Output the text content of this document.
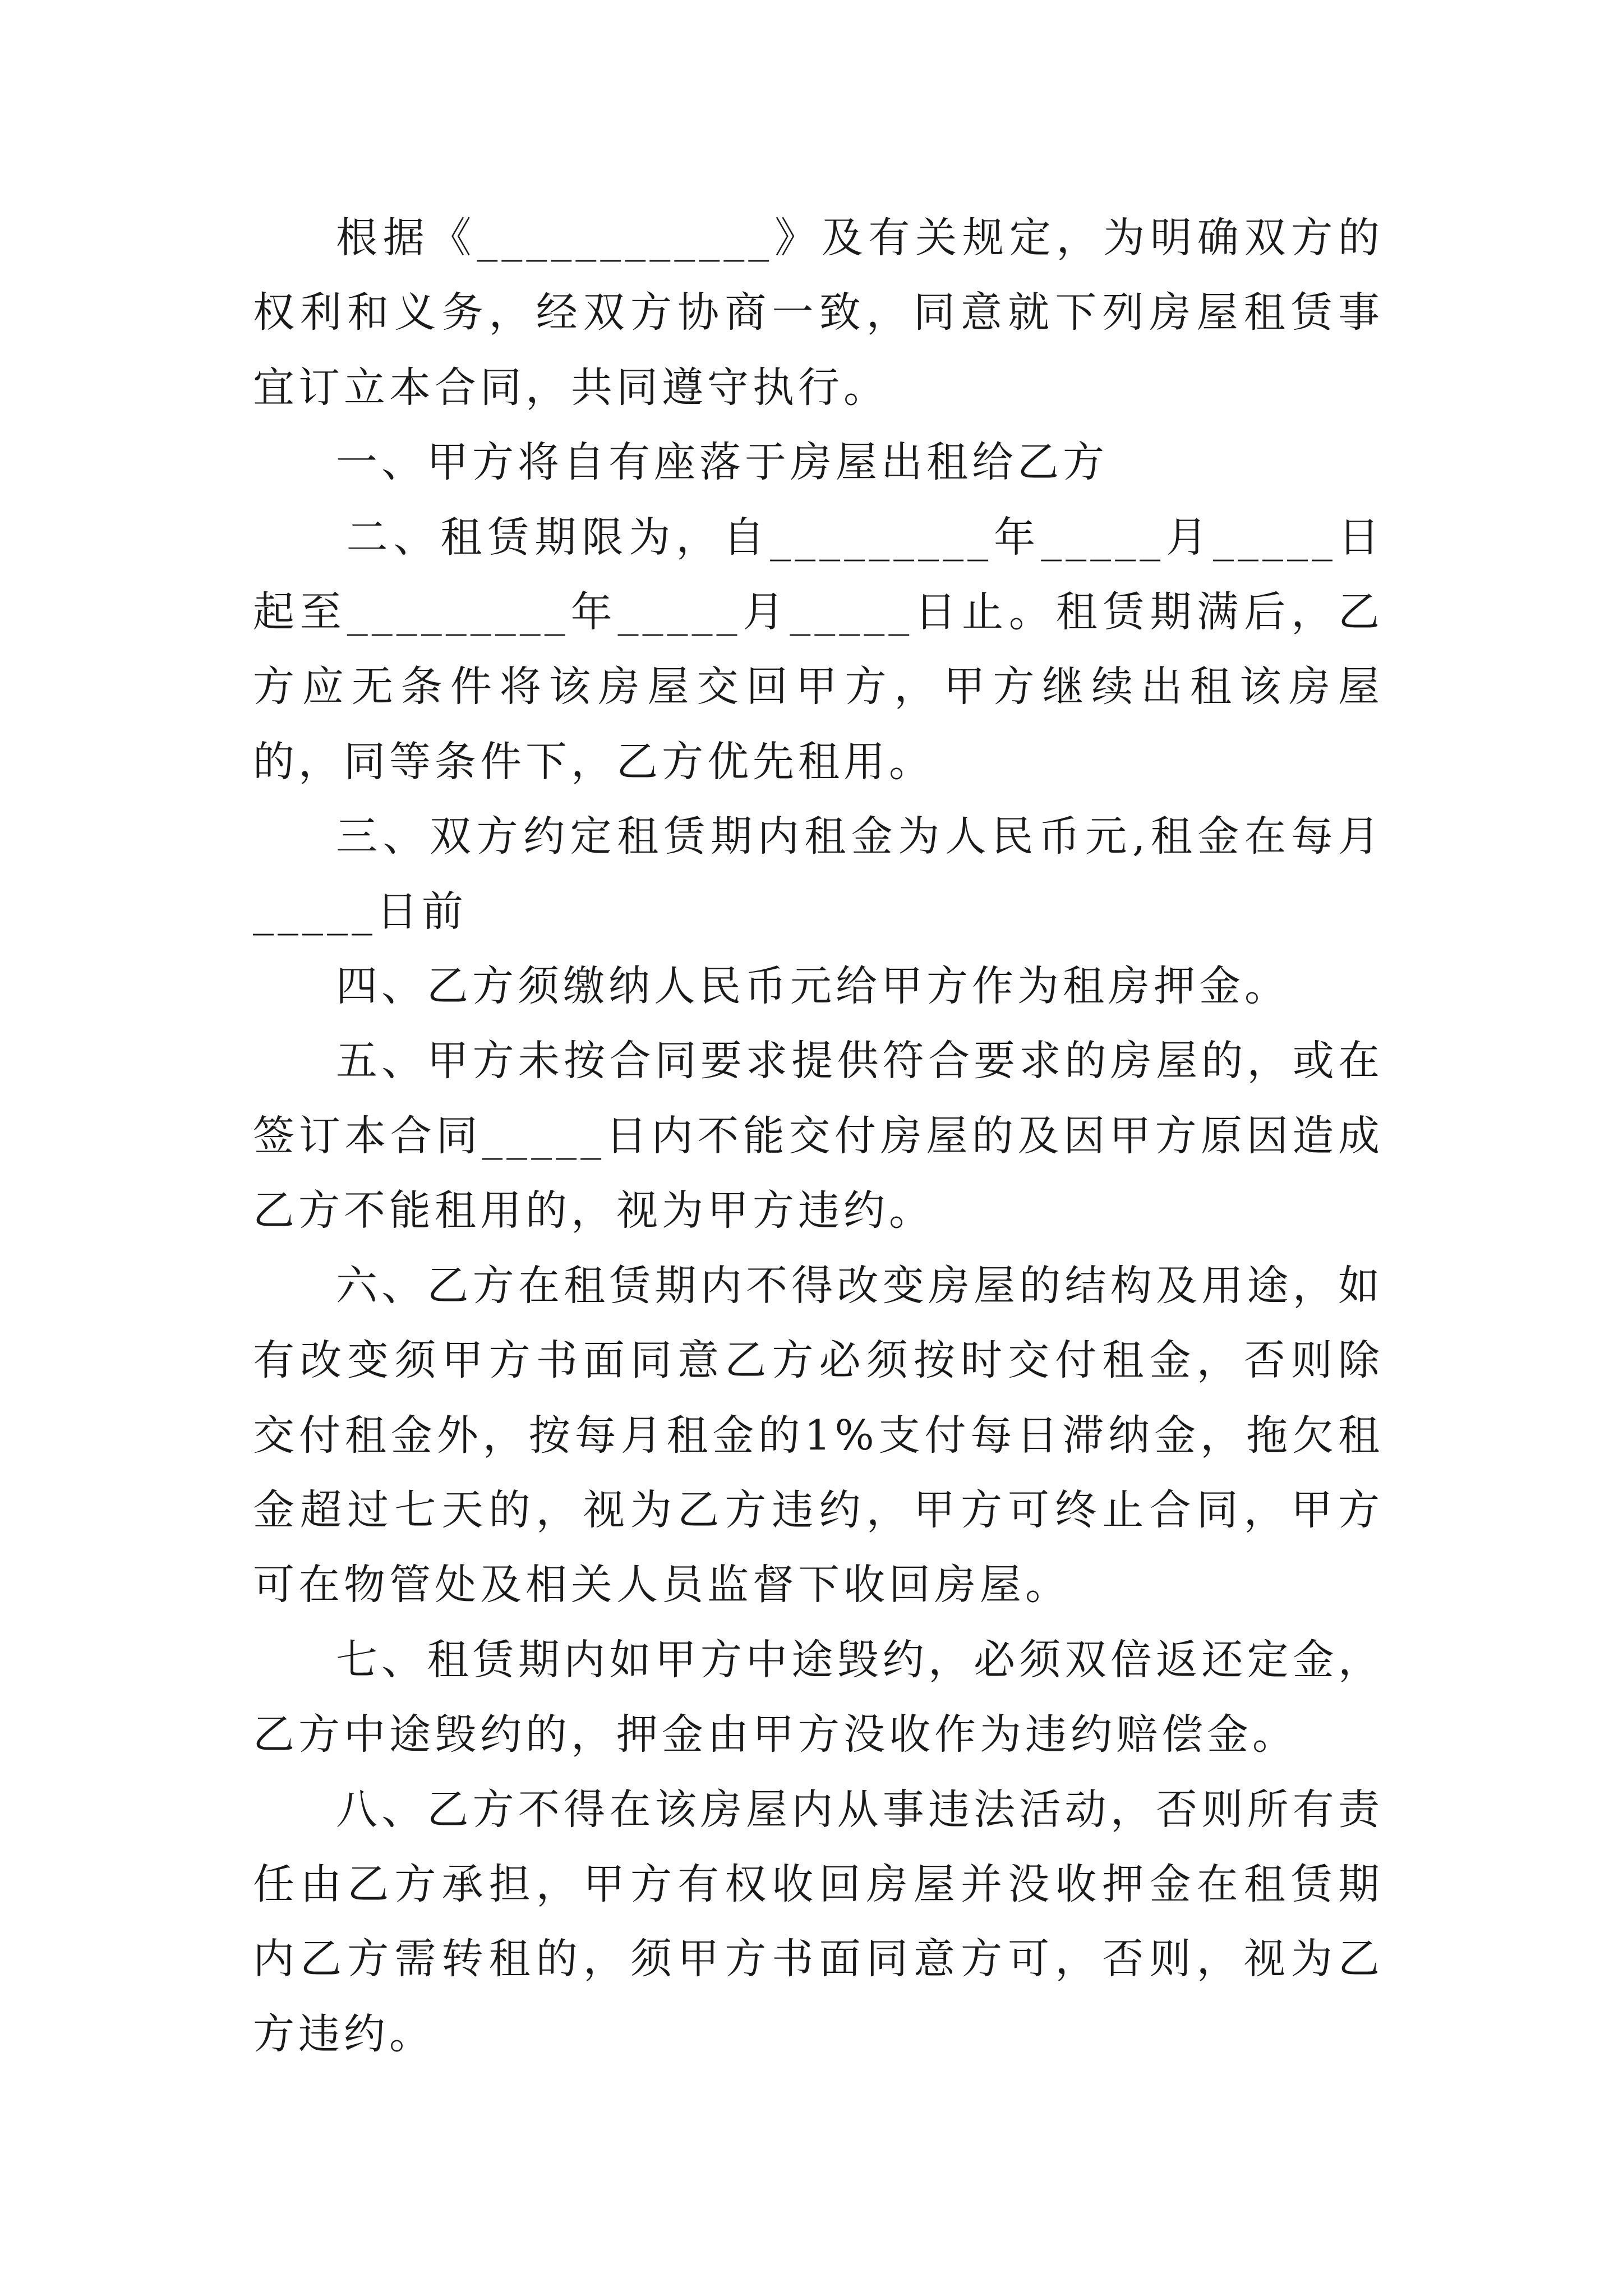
根据《____________》及有关规定，为明确双方的权利和义务，经双方协商一致，同意就下列房屋租赁事宜订立本合同，共同遵守执行。

一、甲方将自有座落于房屋出租给乙方

二、租赁期限为，自_________年_____月_____日起至_________年_____月_____日止。租赁期满后，乙方应无条件将该房屋交回甲方，甲方继续出租该房屋的，同等条件下，乙方优先租用。

三、双方约定租赁期内租金为人民币元,租金在每月_____日前

四、乙方须缴纳人民币元给甲方作为租房押金。

五、甲方未按合同要求提供符合要求的房屋的，或在签订本合同_____日内不能交付房屋的及因甲方原因造成乙方不能租用的，视为甲方违约。

六、乙方在租赁期内不得改变房屋的结构及用途，如有改变须甲方书面同意乙方必须按时交付租金，否则除交付租金外，按每月租金的1%支付每日滞纳金，拖欠租金超过七天的，视为乙方违约，甲方可终止合同，甲方可在物管处及相关人员监督下收回房屋。

七、租赁期内如甲方中途毁约，必须双倍返还定金，乙方中途毁约的，押金由甲方没收作为违约赔偿金。

八、乙方不得在该房屋内从事违法活动，否则所有责任由乙方承担，甲方有权收回房屋并没收押金在租赁期内乙方需转租的，须甲方书面同意方可，否则，视为乙方违约。
